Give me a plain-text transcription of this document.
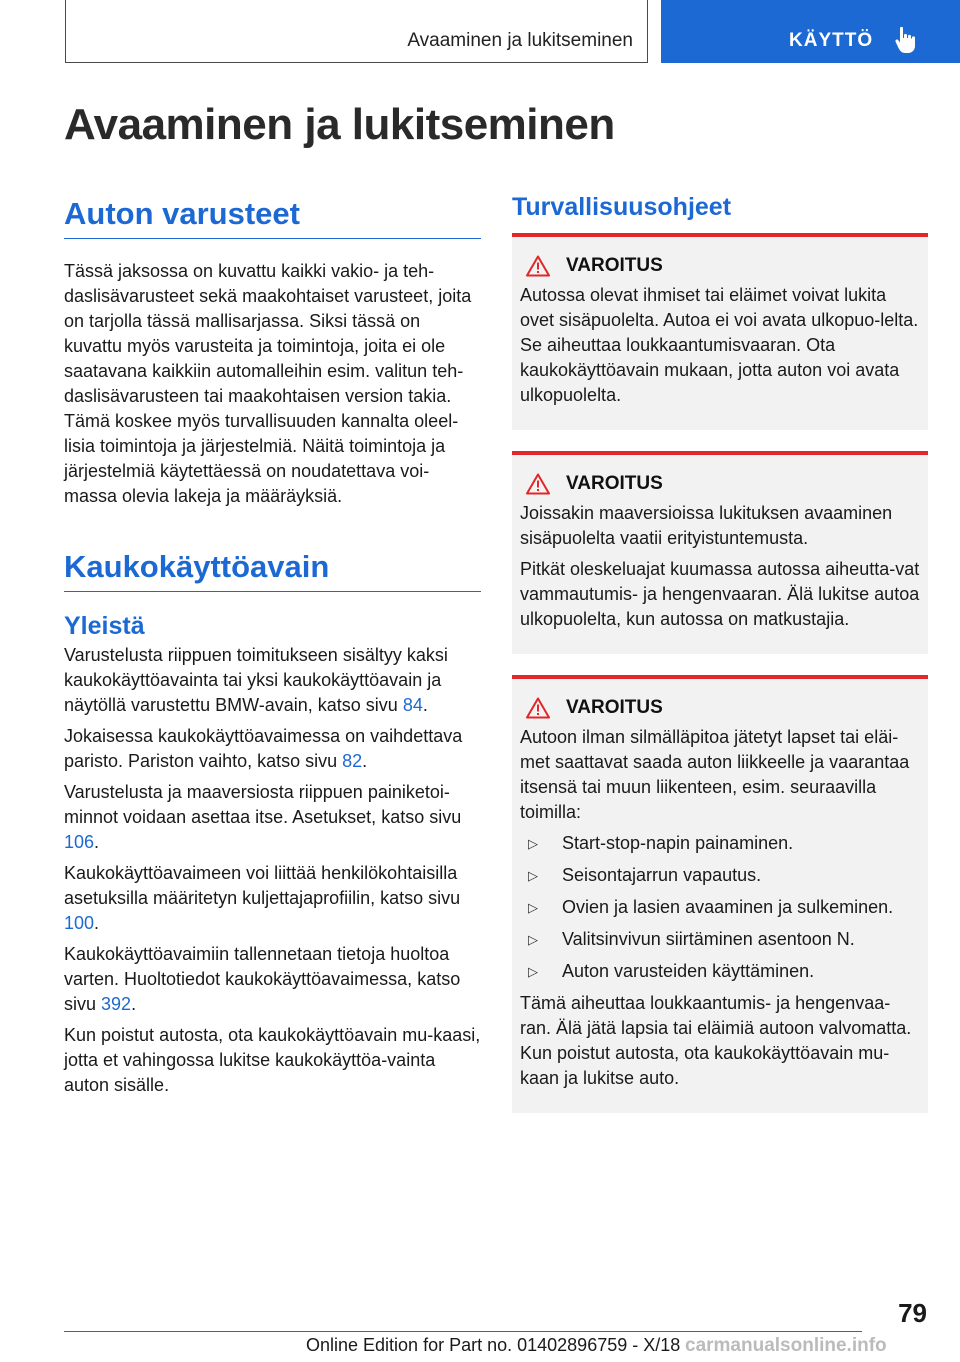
Avaaminen ja lukitseminen	KÄYTTÖ
Avaaminen ja lukitseminen
Auton varusteet

Tässä jaksossa on kuvattu kaikki vakio- ja teh-daslisävarusteet sekä maakohtaiset varusteet, joita on tarjolla tässä mallisarjassa. Siksi tässä on kuvattu myös varusteita ja toimintoja, joita ei ole saatavana kaikkiin automalleihin esim. valitun teh-daslisävarusteen tai maakohtaisen version takia. Tämä koskee myös turvallisuuden kannalta oleel-lisia toimintoja ja järjestelmiä. Näitä toimintoja ja järjestelmiä käytettäessä on noudatettava voi-massa olevia lakeja ja määräyksiä.

Kaukokäyttöavain
Yleistä

Varustelusta riippuen toimitukseen sisältyy kaksi kaukokäyttöavainta tai yksi kaukokäyttöavain ja näytöllä varustettu BMW-avain, katso sivu 84.

Jokaisessa kaukokäyttöavaimessa on vaihdettava paristo. Pariston vaihto, katso sivu 82.

Varustelusta ja maaversiosta riippuen painiketoi-minnot voidaan asettaa itse. Asetukset, katso sivu 106.

Kaukokäyttöavaimeen voi liittää henkilökohtaisilla asetuksilla määritetyn kuljettajaprofiilin, katso sivu 100.

Kaukokäyttöavaimiin tallennetaan tietoja huoltoa varten. Huoltotiedot kaukokäyttöavaimessa, katso sivu 392.

Kun poistut autosta, ota kaukokäyttöavain mu-kaasi, jotta et vahingossa lukitse kaukokäyttöa-vainta auton sisälle.

Turvallisuusohjeet
VAROITUS

Autossa olevat ihmiset tai eläimet voivat lukita ovet sisäpuolelta. Autoa ei voi avata ulkopuo-lelta. Se aiheuttaa loukkaantumisvaaran. Ota kaukokäyttöavain mukaan, jotta auton voi avata ulkopuolelta.

VAROITUS

Joissakin maaversioissa lukituksen avaaminen sisäpuolelta vaatii erityistuntemusta.

Pitkät oleskeluajat kuumassa autossa aiheutta-vat vammautumis- ja hengenvaaran. Älä lukitse autoa ulkopuolelta, kun autossa on matkustajia.

VAROITUS

Autoon ilman silmälläpitoa jätetyt lapset tai eläi-met saattavat saada auton liikkeelle ja vaarantaa itsensä tai muun liikenteen, esim. seuraavilla toimilla:

▷	Start-stop-napin painaminen.
▷	Seisontajarrun vapautus.
▷	Ovien ja lasien avaaminen ja sulkeminen.
▷	Valitsinvivun siirtäminen asentoon N.
▷	Auton varusteiden käyttäminen.

Tämä aiheuttaa loukkaantumis- ja hengenvaa-ran. Älä jätä lapsia tai eläimiä autoon valvomatta. Kun poistut autosta, ota kaukokäyttöavain mu-kaan ja lukitse auto.

79
Online Edition for Part no. 01402896759 - X/18 carmanualsonline.info
